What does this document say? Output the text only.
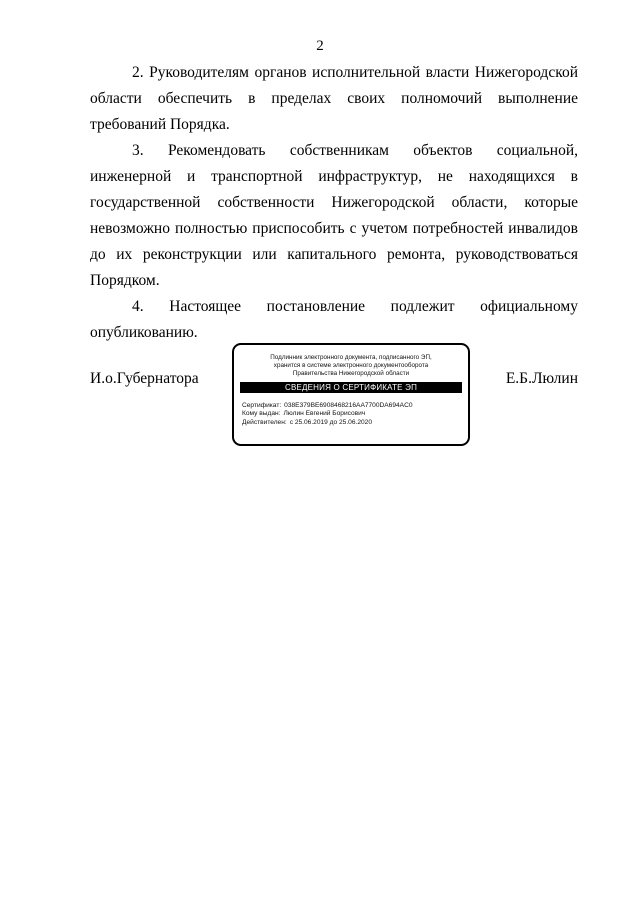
2

2. Руководителям органов исполнительной власти Нижегородской области обеспечить в пределах своих полномочий выполнение требований Порядка.

3. Рекомендовать собственникам объектов социальной, инженерной и транспортной инфраструктур, не находящихся в государственной собственности Нижегородской области, которые невозможно полностью приспособить с учетом потребностей инвалидов до их реконструкции или капитального ремонта, руководствоваться Порядком.

4. Настоящее постановление подлежит официальному опубликованию.

И.о.Губернатора	Е.Б.Люлин
Подлинник электронного документа, подписанного ЭП,
хранится в системе электронного документооборота
Правительства Нижегородской области
СВЕДЕНИЯ О СЕРТИФИКАТЕ ЭП
Сертификат: 038E379BE6908468216AA7700DA694AC0
Кому выдан: Люлин Евгений Борисович
Действителен: с 25.06.2019 до 25.06.2020
